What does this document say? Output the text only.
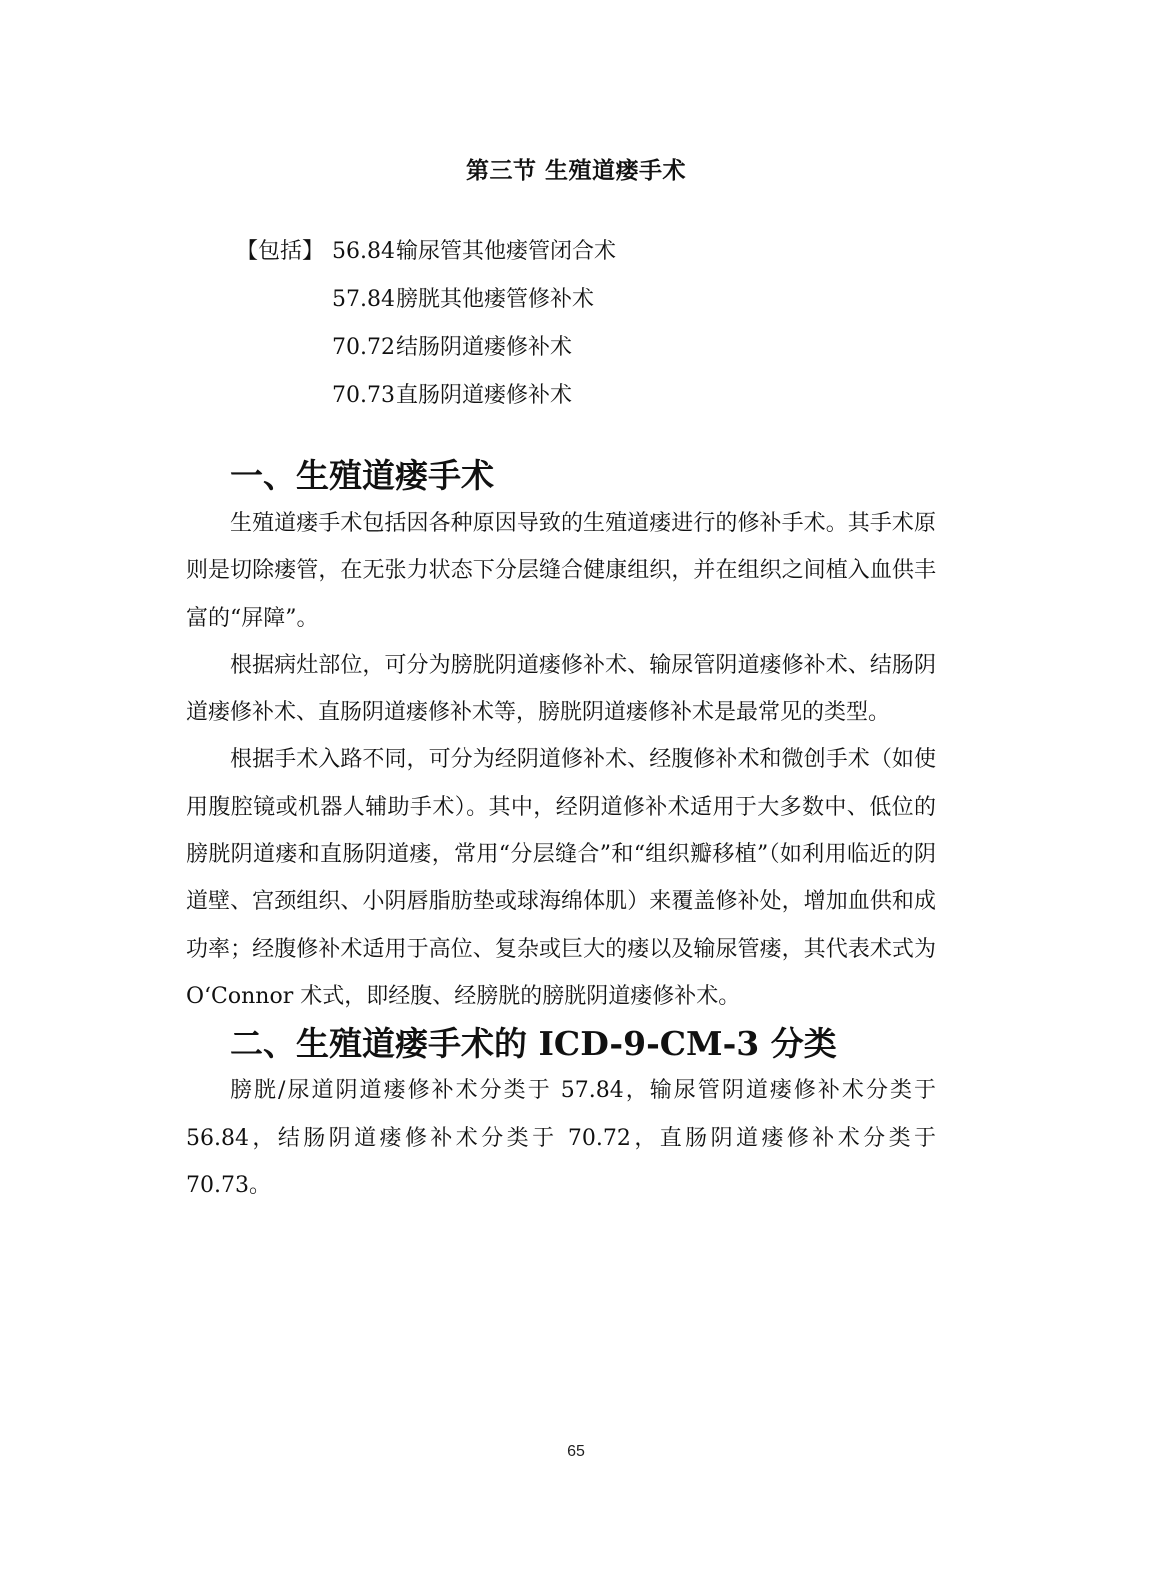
第三节 生殖道瘘手术
【包括】 56.84输尿管其他瘘管闭合术
57.84膀胱其他瘘管修补术
70.72结肠阴道瘘修补术
70.73直肠阴道瘘修补术
一、生殖道瘘手术

生殖道瘘手术包括因各种原因导致的生殖道瘘进行的修补手术。其手术原则是切除瘘管，在无张力状态下分层缝合健康组织，并在组织之间植入血供丰富的“屏障”。

根据病灶部位，可分为膀胱阴道瘘修补术、输尿管阴道瘘修补术、结肠阴道瘘修补术、直肠阴道瘘修补术等，膀胱阴道瘘修补术是最常见的类型。

根据手术入路不同，可分为经阴道修补术、经腹修补术和微创手术（如使用腹腔镜或机器人辅助手术）。其中，经阴道修补术适用于大多数中、低位的膀胱阴道瘘和直肠阴道瘘，常用“分层缝合”和“组织瓣移植”（如利用临近的阴道壁、宫颈组织、小阴唇脂肪垫或球海绵体肌）来覆盖修补处，增加血供和成功率；经腹修补术适用于高位、复杂或巨大的瘘以及输尿管瘘，其代表术式为 O‘Connor 术式，即经腹、经膀胱的膀胱阴道瘘修补术。

二、生殖道瘘手术的 ICD-9-CM-3 分类

膀胱/尿道阴道瘘修补术分类于 57.84，输尿管阴道瘘修补术分类于 56.84，结肠阴道瘘修补术分类于 70.72，直肠阴道瘘修补术分类于 70.73。

65
